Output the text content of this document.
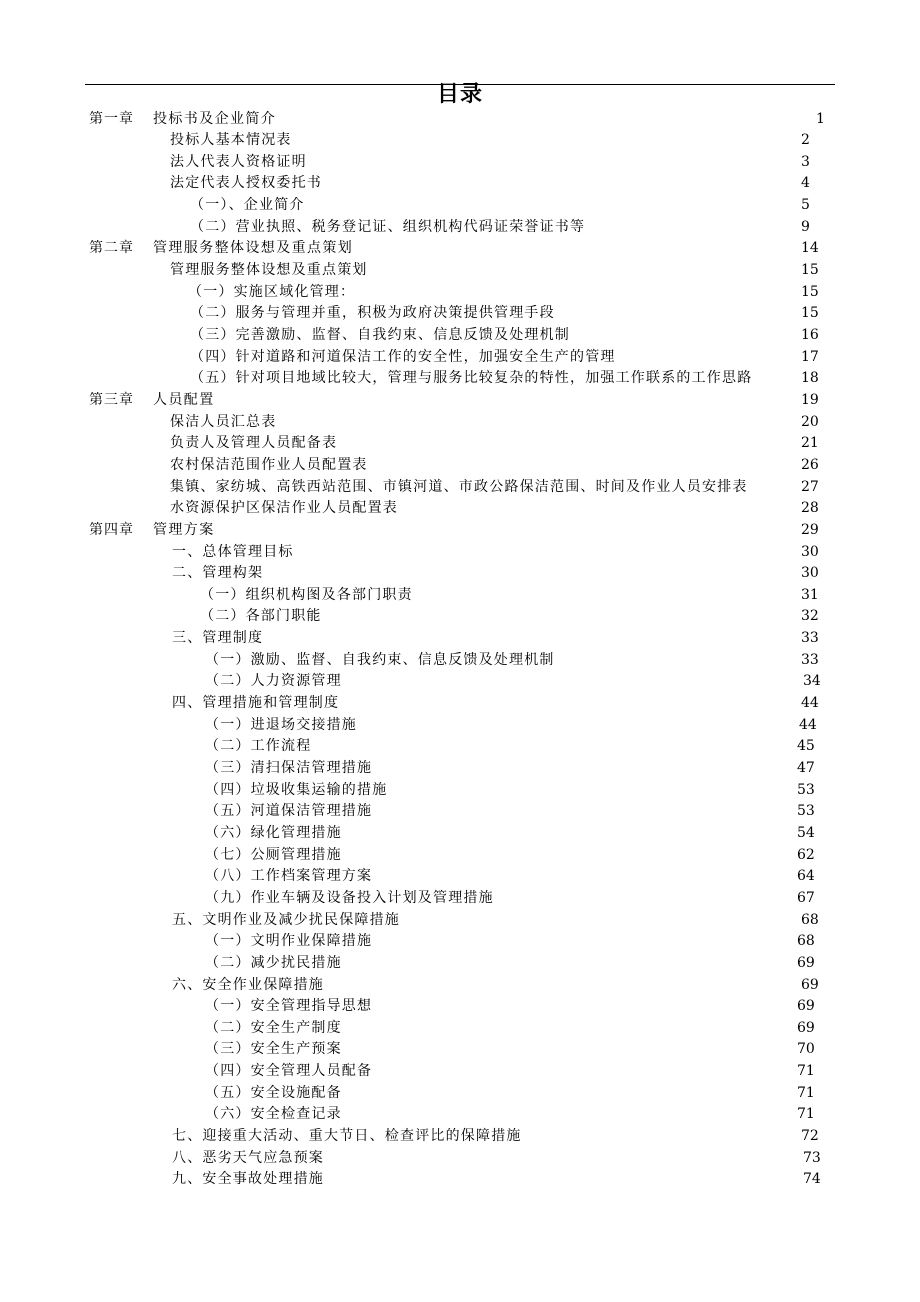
目录
第一章 投标书及企业简介	1
投标人基本情况表	2
法人代表人资格证明	3
法定代表人授权委托书	4
（一）、企业简介	5
（二）营业执照、税务登记证、组织机构代码证荣誉证书等	9
第二章 管理服务整体设想及重点策划	14
管理服务整体设想及重点策划	15
（一）实施区域化管理：	15
（二）服务与管理并重，积极为政府决策提供管理手段	15
（三）完善激励、监督、自我约束、信息反馈及处理机制	16
（四）针对道路和河道保洁工作的安全性，加强安全生产的管理	17
（五）针对项目地域比较大，管理与服务比较复杂的特性，加强工作联系的工作思路	18
第三章 人员配置	19
保洁人员汇总表	20
负责人及管理人员配备表	21
农村保洁范围作业人员配置表	26
集镇、家纺城、高铁西站范围、市镇河道、市政公路保洁范围、时间及作业人员安排表	27
水资源保护区保洁作业人员配置表	28
第四章 管理方案	29
一、总体管理目标	30
二、管理构架	30
（一）组织机构图及各部门职责	31
（二）各部门职能	32
三、管理制度	33
（一）激励、监督、自我约束、信息反馈及处理机制	33
（二）人力资源管理	34
四、管理措施和管理制度	44
（一）进退场交接措施	44
（二）工作流程	45
（三）清扫保洁管理措施	47
（四）垃圾收集运输的措施	53
（五）河道保洁管理措施	53
（六）绿化管理措施	54
（七）公厕管理措施	62
（八）工作档案管理方案	64
（九）作业车辆及设备投入计划及管理措施	67
五、文明作业及减少扰民保障措施	68
（一）文明作业保障措施	68
（二）减少扰民措施	69
六、安全作业保障措施	69
（一）安全管理指导思想	69
（二）安全生产制度	69
（三）安全生产预案	70
（四）安全管理人员配备	71
（五）安全设施配备	71
（六）安全检查记录	71
七、迎接重大活动、重大节日、检查评比的保障措施	72
八、恶劣天气应急预案	73
九、安全事故处理措施	74
